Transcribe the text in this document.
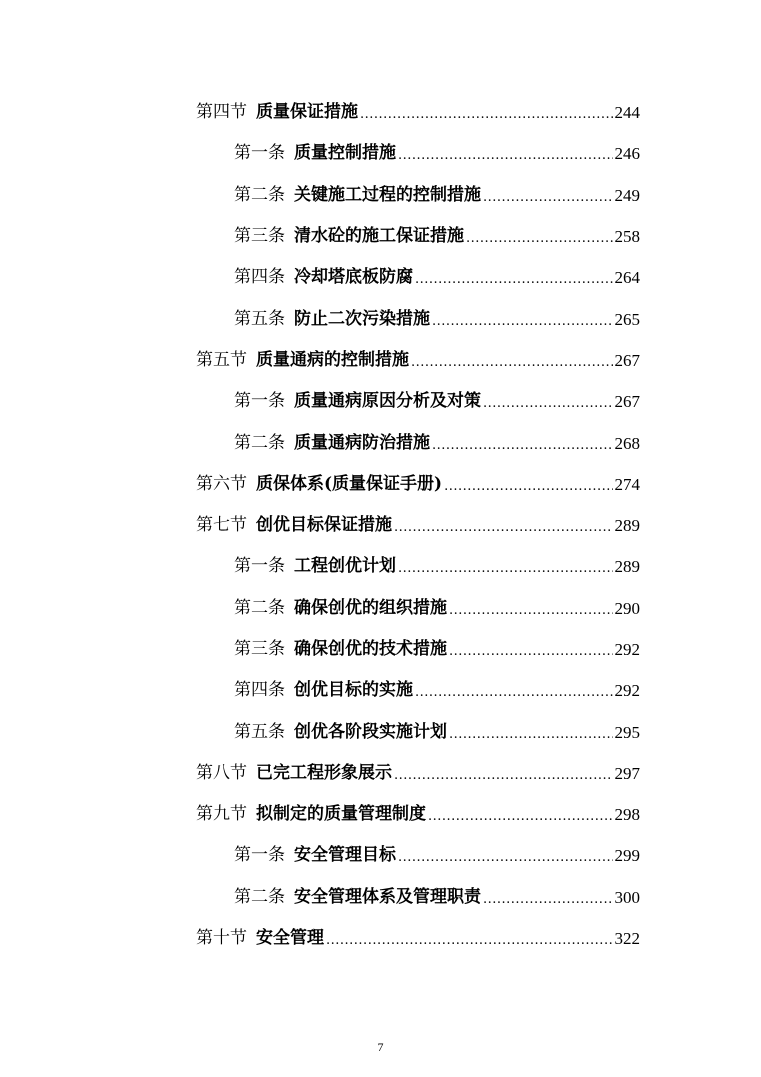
第四节 质量保证措施 .....	244
第一条 质量控制措施 .....	246
第二条 关键施工过程的控制措施 .....	249
第三条 清水砼的施工保证措施 .....	258
第四条 冷却塔底板防腐 .....	264
第五条 防止二次污染措施 .....	265
第五节 质量通病的控制措施 .....	267
第一条 质量通病原因分析及对策 .....	267
第二条 质量通病防治措施 .....	268
第六节 质保体系(质量保证手册) .....	274
第七节 创优目标保证措施 .....	289
第一条 工程创优计划 .....	289
第二条 确保创优的组织措施 .....	290
第三条 确保创优的技术措施 .....	292
第四条 创优目标的实施 .....	292
第五条 创优各阶段实施计划 .....	295
第八节 已完工程形象展示 .....	297
第九节 拟制定的质量管理制度 .....	298
第一条 安全管理目标 .....	299
第二条 安全管理体系及管理职责 .....	300
第十节 安全管理 .....	322
7
